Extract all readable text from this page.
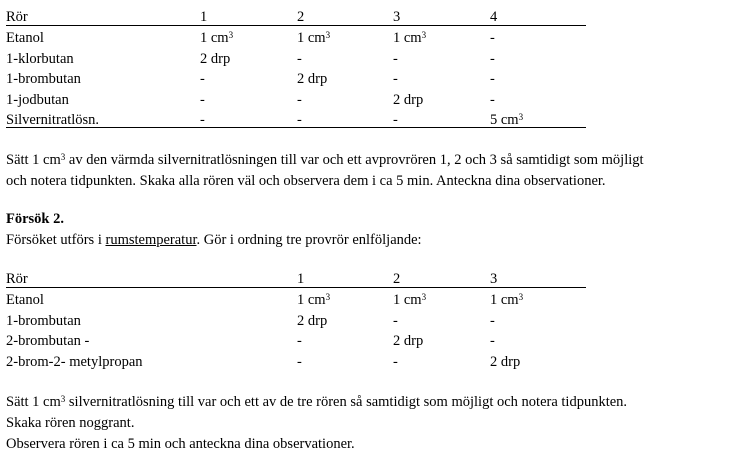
Sätt 1 $cm^3$ av den värmda silvernitratlösningen till var och ett avprovrören 1, 2 och 3 så samtidigt som möjligt
och notera tidpunkten. Skaka alla rören väl och observera dem i ca 5 min. Anteckna dina observationer.
Försök 2.
Försöket utförs i rumstemperatur. Gör i ordning tre provrör enlföljande:
Sätt 1 $cm^3$ silvernitratlösning till var och ett av de tre rören så samtidigt som möjligt och notera tidpunkten.
Skaka rören noggrant.
Observera rören i ca 5 min och anteckna dina observationer.
Rör	1	2	3	4
Etanol	1 $cm^3$	1 $cm^3$	1 $cm^3$	-
1-klorbutan	2 drp	-	-	-
1-brombutan	-	2 drp	-	-
1-jodbutan	-	-	2 drp	-
Silvernitratlösn.	-	-	-	5 $cm^3$
Rör	1	2	3
Etanol	1 $cm^3$	1 $cm^3$	1 $cm^3$
1-brombutan	2 drp	-	-
2-brombutan -	-	2 drp	-
2-brom-2- metylpropan	-	-	2 drp
